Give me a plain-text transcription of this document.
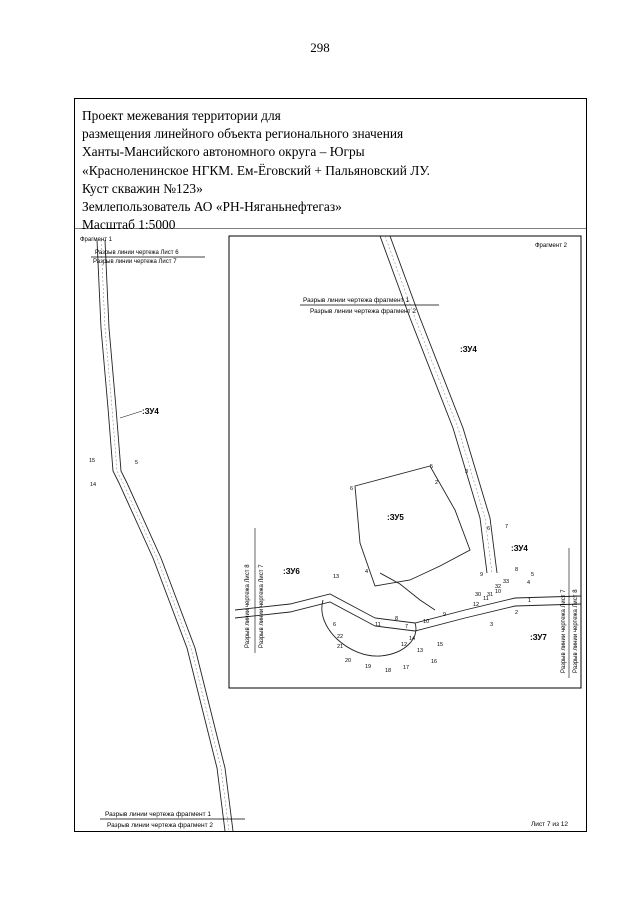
298
Проект межевания территории для
размещения линейного объекта регионального значения
Ханты-Мансийского автономного округа – Югры
«Красноленинское НГКМ. Ем-Ёговский + Пальяновский ЛУ.
Куст скважин №123»
Землепользователь АО «РН-Няганьнефтегаз»
Масштаб 1:5000
Фрагмент 1
Разрыв линии чертежа Лист 6
Разрыв линии чертежа Лист 7
:ЗУ4
15
14
5
Разрыв линии чертежа фрагмент 1
Разрыв линии чертежа фрагмент 2
Фрагмент 2
Разрыв линии чертежа фрагмент 1
Разрыв линии чертежа фрагмент 2
:ЗУ4
:ЗУ5
:ЗУ6
:ЗУ4
:ЗУ7
Разрыв линии чертежа Лист 8 Разрыв линии чертежа Лист 7	Разрыв линии чертежа Лист 7 Разрыв линии чертежа Лист 8
Лист 7 из 12
5
3
2
6
6	7
4	9
8
10
11
12
13
14
15
16
17
18
19
20
21
22
1
2
3
4
5
6	7
8
9
10
11
12
13
30 31
32
33
